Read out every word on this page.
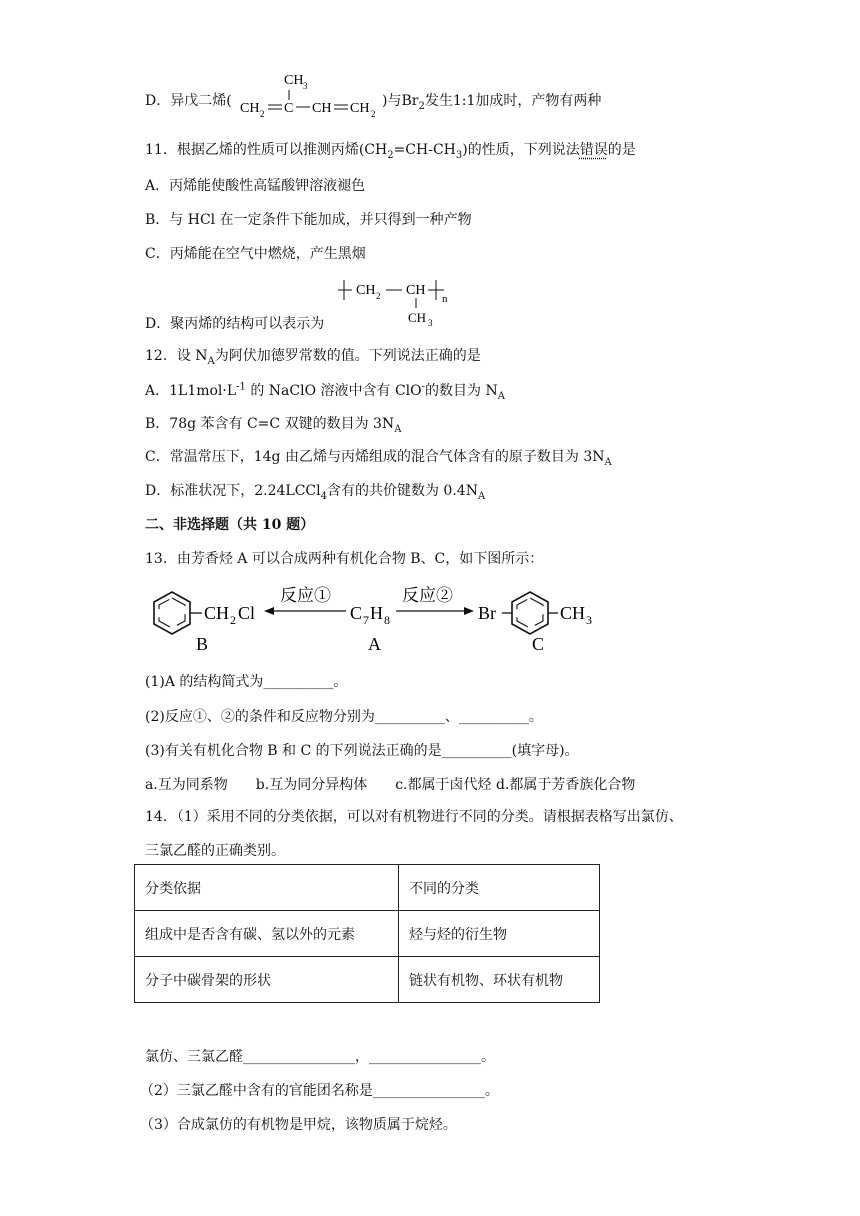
D．异戊二烯(
CH 3
CH 2 C CH CH 2
)与$Br_2$发生1:1加成时，产物有两种
11．根据乙烯的性质可以推测丙烯$(CH_2=CH-CH_3)$的性质，下列说法错误的是
A．丙烯能使酸性高锰酸钾溶液褪色
B．与 HCl 在一定条件下能加成，并只得到一种产物
C．丙烯能在空气中燃烧，产生黑烟
D．聚丙烯的结构可以表示为
CH 2 CH
n
CH 3
12．设 $N_A$为阿伏加德罗常数的值。下列说法正确的是
A．$1L1mol\cdot L^{-1}$ 的 NaClO 溶液中含有 ClO-的数目为 $N_A$
B．78g 苯含有 C=C 双键的数目为 $3N_A$
C．常温常压下，14g 由乙烯与丙烯组成的混合气体含有的原子数目为 $3N_A$
D．标准状况下，2.24LCCl$_4$含有的共价键数为 $0.4N_A$
二、非选择题（共 10 题）
13．由芳香烃 A 可以合成两种有机化合物 B、C，如下图所示：
CH 2 Cl
反应①
C 7 H 8
反应②
Br	CH 3
B	A	C
(1)A 的结构简式为__________。
(2)反应①、②的条件和反应物分别为__________、__________。
(3)有关有机化合物 B 和 C 的下列说法正确的是__________(填字母)。
a.互为同系物　　b.互为同分异构体　　c.都属于卤代烃 d.都属于芳香族化合物
14．（1）采用不同的分类依据，可以对有机物进行不同的分类。请根据表格写出氯仿、
三氯乙醛的正确类别。
分类依据	不同的分类
组成中是否含有碳、氢以外的元素	烃与烃的衍生物
分子中碳骨架的形状	链状有机物、环状有机物
氯仿、三氯乙醛________________，________________。
（2）三氯乙醛中含有的官能团名称是________________。
（3）合成氯仿的有机物是甲烷，该物质属于烷烃。
